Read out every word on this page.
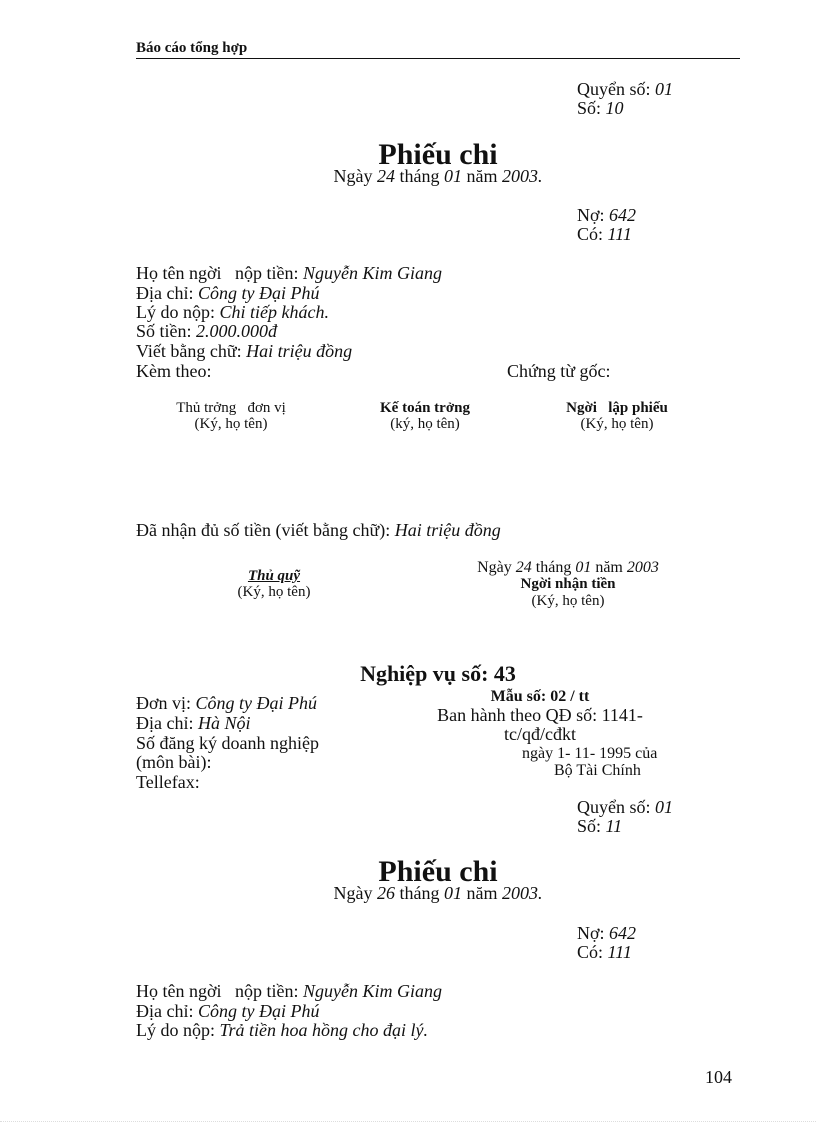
Báo cáo tổng hợp
Quyển số: 01
Số: 10
Phiếu chi
Ngày 24 tháng 01 năm 2003.
Nợ: 642
Có: 111
Họ tên ngời   nộp tiền: Nguyễn Kim Giang
Địa chỉ: Công ty Đại Phú
Lý do nộp: Chi tiếp khách.
Số tiền: 2.000.000đ
Viết bằng chữ: Hai triệu đồng
Kèm theo:	Chứng từ gốc:
Thủ trởng   đơn vị
(Ký, họ tên)
Kế toán trởng
(ký, họ tên)
Ngời   lập phiếu
(Ký, họ tên)
Đã nhận đủ số tiền (viết bằng chữ): Hai triệu đồng
Thủ quỹ
(Ký, họ tên)
Ngày 24 tháng 01 năm 2003
Ngời nhận tiền
(Ký, họ tên)
Nghiệp vụ số: 43
Đơn vị: Công ty Đại Phú
Địa chỉ: Hà Nội
Số đăng ký doanh nghiệp
(môn bài):
Tellefax:
Mẫu số: 02 / tt
Ban hành theo QĐ số: 1141-
tc/qđ/cđkt
ngày 1- 11- 1995 của
Bộ Tài Chính
Quyển số: 01
Số: 11
Phiếu chi
Ngày 26 tháng 01 năm 2003.
Nợ: 642
Có: 111
Họ tên ngời   nộp tiền: Nguyễn Kim Giang
Địa chỉ: Công ty Đại Phú
Lý do nộp: Trả tiền hoa hồng cho đại lý.
104
